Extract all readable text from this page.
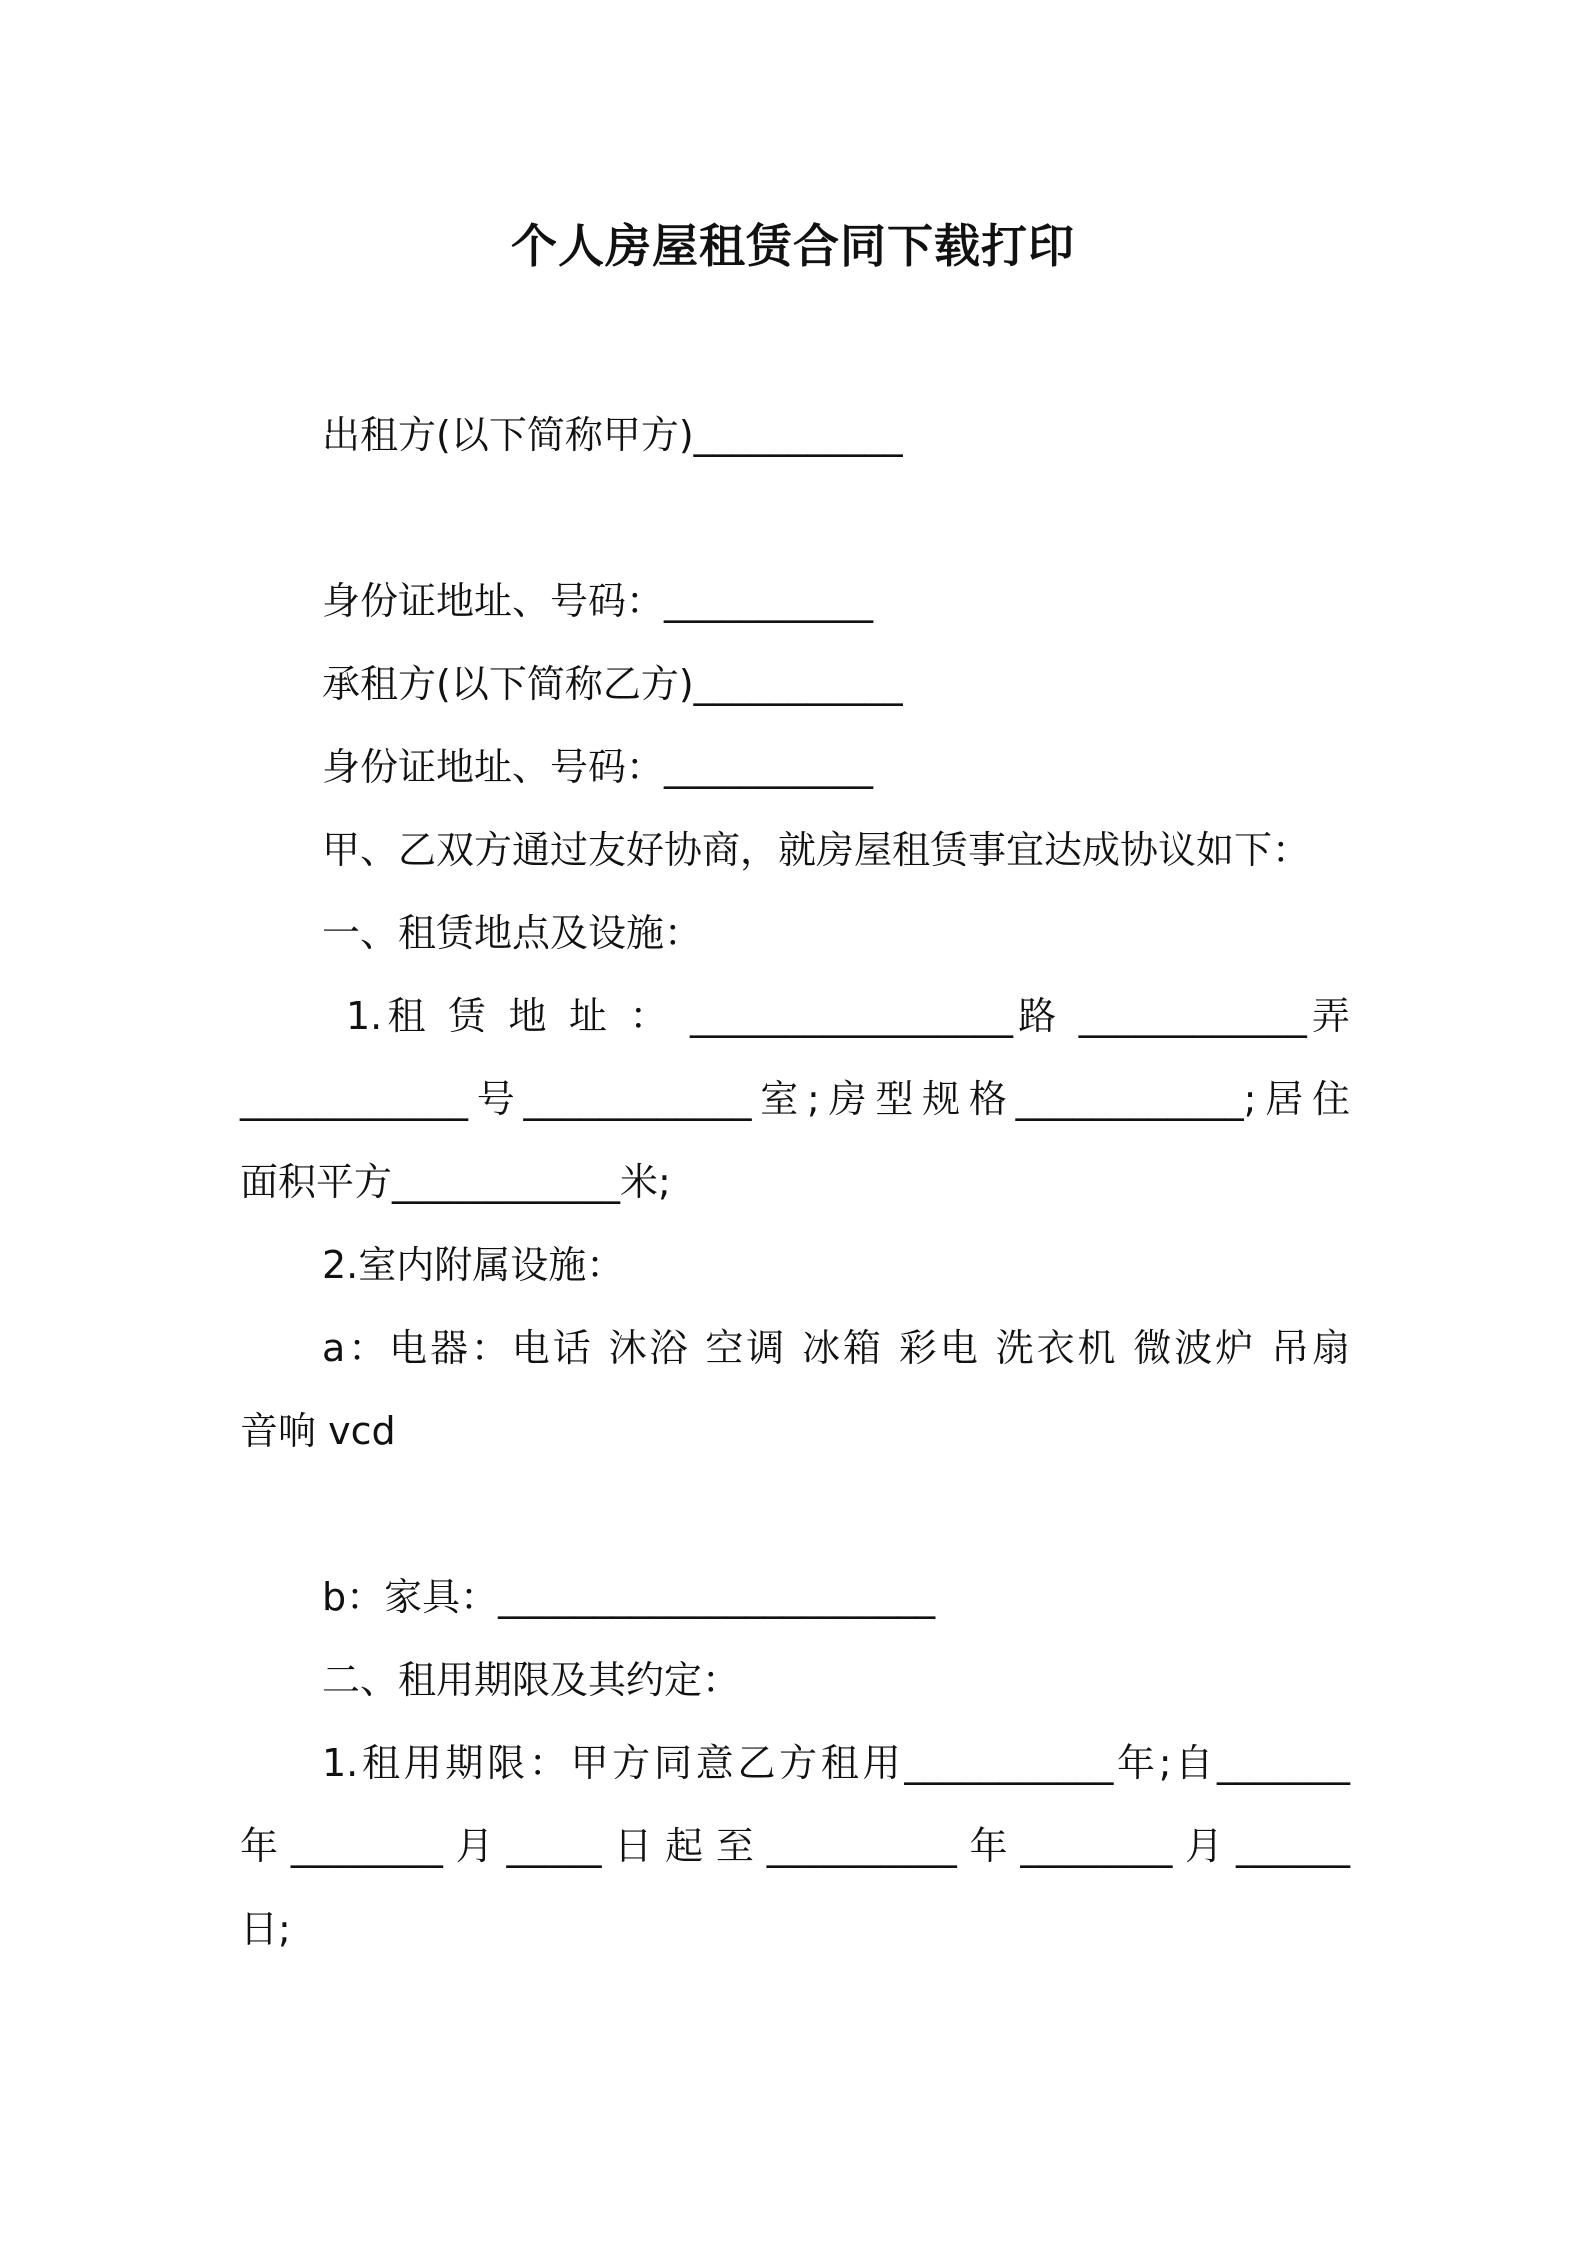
个人房屋租赁合同下载打印
出租方(以下简称甲方)___________
身份证地址、号码：___________
承租方(以下简称乙方)___________
身份证地址、号码：___________
甲、乙双方通过友好协商，就房屋租赁事宜达成协议如下：
一、租赁地点及设施：
1.租 赁 地 址 ： _________________路 ____________弄
____________号____________室;房型规格____________;居住
面积平方____________米;
2.室内附属设施：
a：电器：电话 沐浴 空调 冰箱 彩电 洗衣机 微波炉 吊扇
音响 vcd
b：家具：_______________________
二、租用期限及其约定：
1.租用期限：甲方同意乙方租用___________年;自_______
年________月_____日起至__________年________月______
日;
